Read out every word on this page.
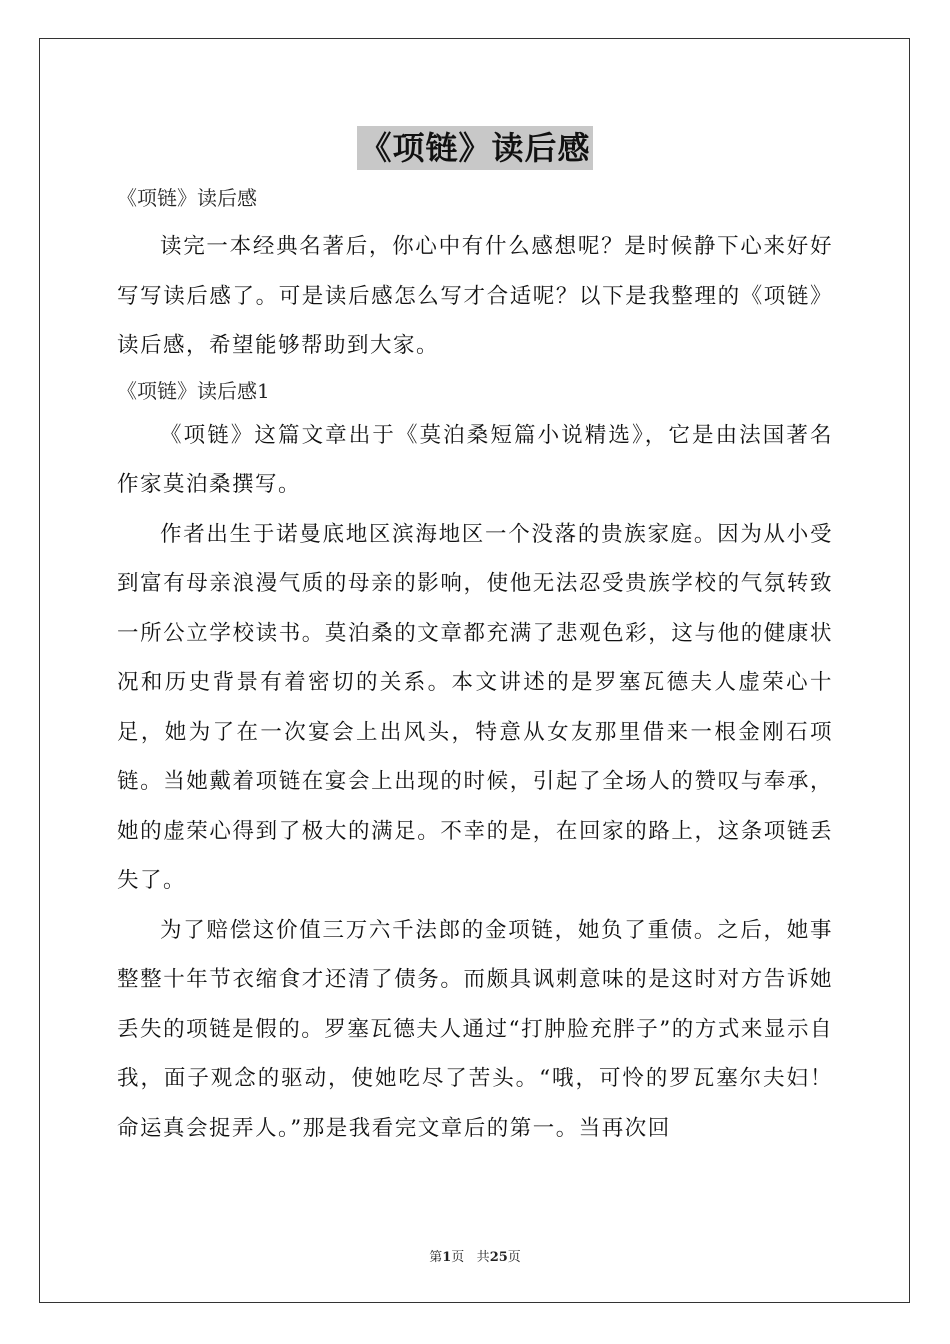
《项链》读后感

《项链》读后感

读完一本经典名著后，你心中有什么感想呢？是时候静下心来好好写写读后感了。可是读后感怎么写才合适呢？以下是我整理的《项链》读后感，希望能够帮助到大家。

《项链》读后感1

《项链》这篇文章出于《莫泊桑短篇小说精选》，它是由法国著名作家莫泊桑撰写。

作者出生于诺曼底地区滨海地区一个没落的贵族家庭。因为从小受到富有母亲浪漫气质的母亲的影响，使他无法忍受贵族学校的气氛转致一所公立学校读书。莫泊桑的文章都充满了悲观色彩，这与他的健康状况和历史背景有着密切的关系。本文讲述的是罗塞瓦德夫人虚荣心十足，她为了在一次宴会上出风头，特意从女友那里借来一根金刚石项链。当她戴着项链在宴会上出现的时候，引起了全场人的赞叹与奉承，她的虚荣心得到了极大的满足。不幸的是，在回家的路上，这条项链丢失了。

为了赔偿这价值三万六千法郎的金项链，她负了重债。之后，她事整整十年节衣缩食才还清了债务。而颇具讽刺意味的是这时对方告诉她丢失的项链是假的。罗塞瓦德夫人通过“打肿脸充胖子”的方式来显示自我，面子观念的驱动，使她吃尽了苦头。“哦，可怜的罗瓦塞尔夫妇！命运真会捉弄人。”那是我看完文章后的第一。当再次回

第1页 共25页
